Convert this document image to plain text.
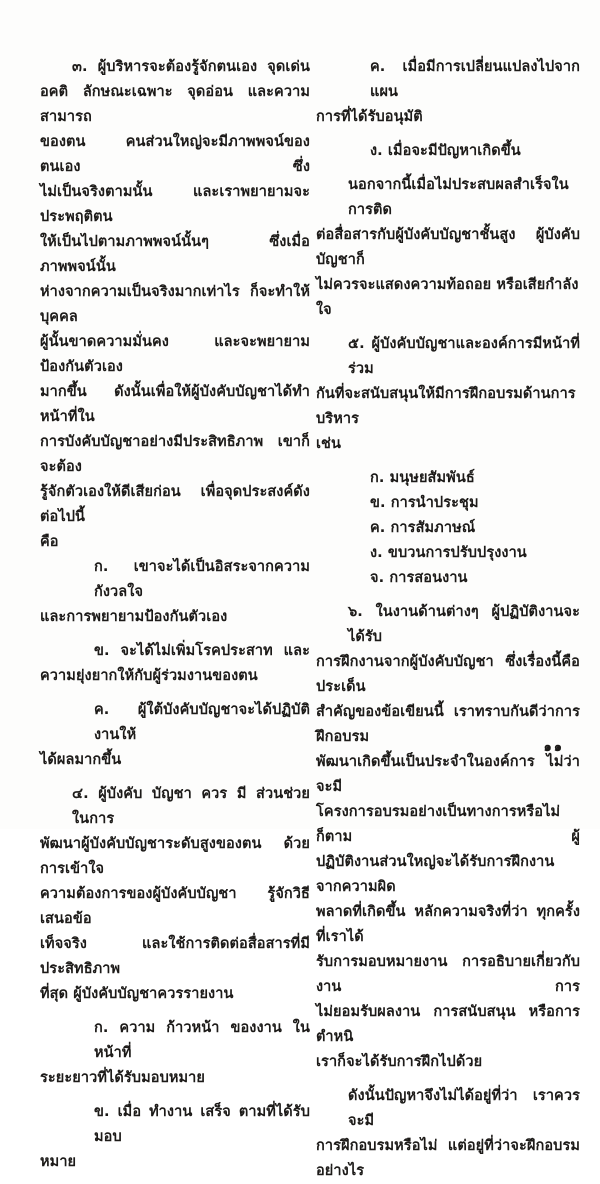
๓. ผู้บริหารจะต้องรู้จักตนเอง จุดเด่น
อคติ ลักษณะเฉพาะ จุดอ่อน และความสามารถ
ของตน คนส่วนใหญ่จะมีภาพพจน์ของตนเอง ซึ่ง
ไม่เป็นจริงตามนั้น และเราพยายามจะประพฤติตน
ให้เป็นไปตามภาพพจน์นั้นๆ ซึ่งเมื่อภาพพจน์นั้น
ห่างจากความเป็นจริงมากเท่าไร ก็จะทำให้บุคคล
ผู้นั้นขาดความมั่นคง และจะพยายามป้องกันตัวเอง
มากขึ้น ดังนั้นเพื่อให้ผู้บังคับบัญชาได้ทำหน้าที่ใน
การบังคับบัญชาอย่างมีประสิทธิภาพ เขาก็จะต้อง
รู้จักตัวเองให้ดีเสียก่อน เพื่อจุดประสงค์ดังต่อไปนี้
คือ
ก. เขาจะได้เป็นอิสระจากความกังวลใจ
และการพยายามป้องกันตัวเอง
ข. จะได้ไม่เพิ่มโรคประสาท และ
ความยุ่งยากให้กับผู้ร่วมงานของตน
ค. ผู้ใต้บังคับบัญชาจะได้ปฏิบัติงานให้
ได้ผลมากขึ้น
๔. ผู้บังคับ บัญชา ควร มี ส่วนช่วย ในการ
พัฒนาผู้บังคับบัญชาระดับสูงของตน ด้วยการเข้าใจ
ความต้องการของผู้บังคับบัญชา รู้จักวิธีเสนอข้อ
เท็จจริง และใช้การติดต่อสื่อสารที่มีประสิทธิภาพ
ที่สุด ผู้บังคับบัญชาควรรายงาน
ก. ความ ก้าวหน้า ของงาน ใน หน้าที่
ระยะยาวที่ได้รับมอบหมาย
ข. เมื่อ ทำงาน เสร็จ ตามที่ได้รับมอบ
หมาย
ค. เมื่อมีการเปลี่ยนแปลงไปจากแผน
การที่ได้รับอนุมัติ
ง. เมื่อจะมีปัญหาเกิดขึ้น
นอกจากนี้เมื่อไม่ประสบผลสำเร็จในการติด
ต่อสื่อสารกับผู้บังคับบัญชาชั้นสูง ผู้บังคับบัญชาก็
ไม่ควรจะแสดงความท้อถอย หรือเสียกำลังใจ
๕. ผู้บังคับบัญชาและองค์การมีหน้าที่ร่วม
กันที่จะสนับสนุนให้มีการฝึกอบรมด้านการบริหาร
เช่น
ก. มนุษยสัมพันธ์
ข. การนำประชุม
ค. การสัมภาษณ์
ง. ขบวนการปรับปรุงงาน
จ. การสอนงาน
๖. ในงานด้านต่างๆ ผู้ปฏิบัติงานจะได้รับ
การฝึกงานจากผู้บังคับบัญชา ซึ่งเรื่องนี้คือประเด็น
สำคัญของข้อเขียนนี้ เราทราบกันดีว่าการฝึกอบรม
พัฒนาเกิดขึ้นเป็นประจำในองค์การ ไม่ว่าจะมี
โครงการอบรมอย่างเป็นทางการหรือไม่ก็ตาม ผู้
ปฏิบัติงานส่วนใหญ่จะได้รับการฝึกงานจากความผิด
พลาดที่เกิดขึ้น หลักความจริงที่ว่า ทุกครั้งที่เราได้
รับการมอบหมายงาน การอธิบายเกี่ยวกับงาน การ
ไม่ยอมรับผลงาน การสนับสนุน หรือการตำหนิ
เราก็จะได้รับการฝึกไปด้วย
ดังนั้นปัญหาจึงไม่ได้อยู่ที่ว่า เราควรจะมี
การฝึกอบรมหรือไม่ แต่อยู่ที่ว่าจะฝึกอบรมอย่างไร
๑๑
